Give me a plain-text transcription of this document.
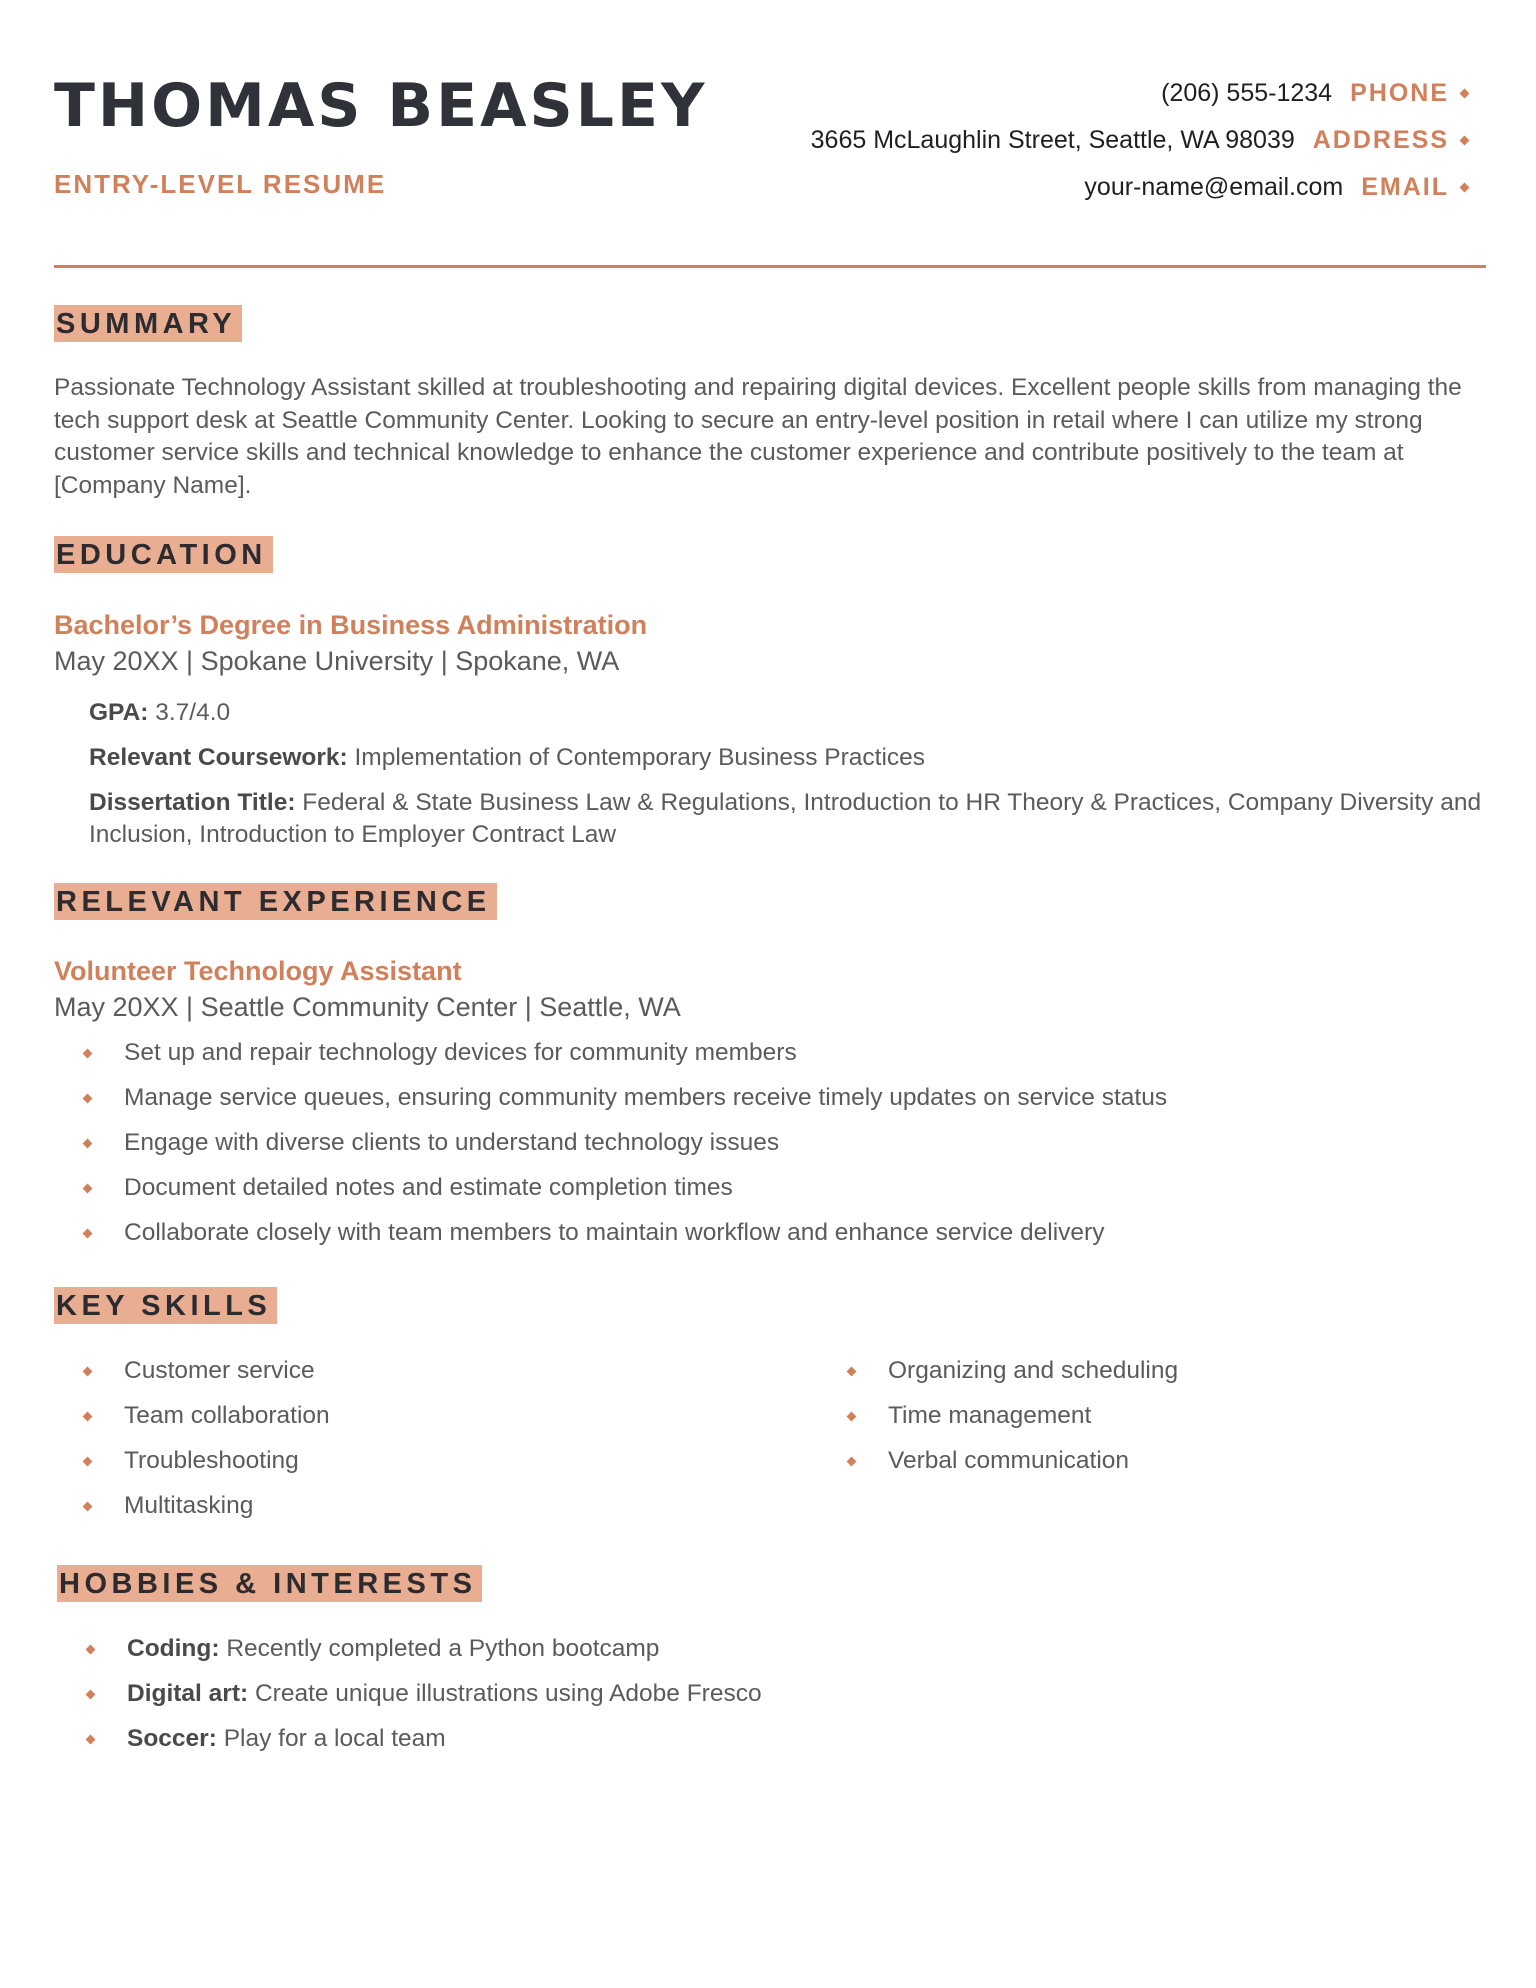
THOMAS BEASLEY
ENTRY-LEVEL RESUME
(206) 555-1234 PHONE
3665 McLaughlin Street, Seattle, WA 98039 ADDRESS
your-name@email.com EMAIL
SUMMARY

Passionate Technology Assistant skilled at troubleshooting and repairing digital devices. Excellent people skills from managing the tech support desk at Seattle Community Center. Looking to secure an entry-level position in retail where I can utilize my strong customer service skills and technical knowledge to enhance the customer experience and contribute positively to the team at [Company Name].

EDUCATION

Bachelor’s Degree in Business Administration

May 20XX | Spokane University | Spokane, WA

GPA: 3.7/4.0

Relevant Coursework: Implementation of Contemporary Business Practices

Dissertation Title: Federal & State Business Law & Regulations, Introduction to HR Theory & Practices, Company Diversity and Inclusion, Introduction to Employer Contract Law

RELEVANT EXPERIENCE

Volunteer Technology Assistant

May 20XX | Seattle Community Center | Seattle, WA

Set up and repair technology devices for community members
Manage service queues, ensuring community members receive timely updates on service status
Engage with diverse clients to understand technology issues
Document detailed notes and estimate completion times
Collaborate closely with team members to maintain workflow and enhance service delivery
KEY SKILLS
Customer service
Team collaboration
Troubleshooting
Multitasking
Organizing and scheduling
Time management
Verbal communication
HOBBIES & INTERESTS
Coding: Recently completed a Python bootcamp
Digital art: Create unique illustrations using Adobe Fresco
Soccer: Play for a local team
